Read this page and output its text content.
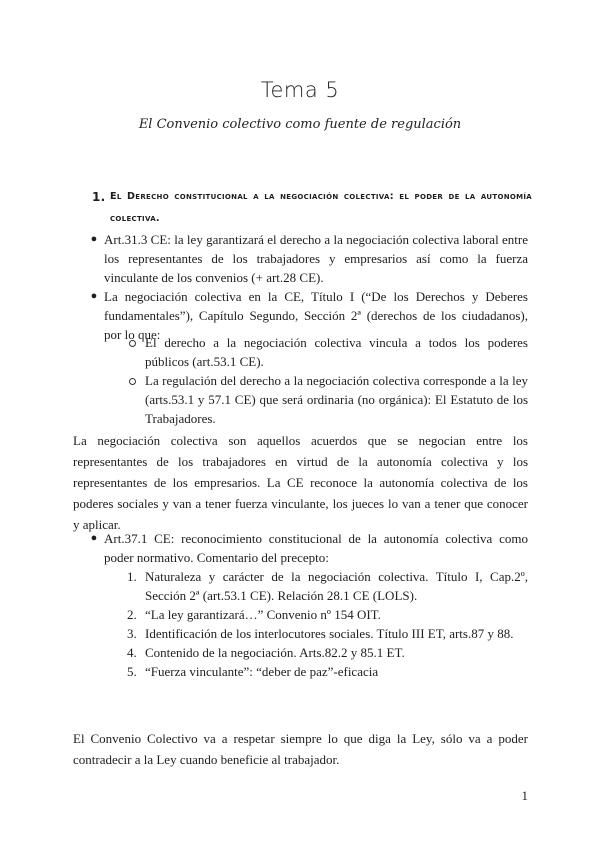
Tema 5
El Convenio colectivo como fuente de regulación
1. El Derecho constitucional a la negociación colectiva: el poder de la autonomía colectiva.

● Art.31.3 CE: la ley garantizará el derecho a la negociación colectiva laboral entre los representantes de los trabajadores y empresarios así como la fuerza vinculante de los convenios (+ art.28 CE).

● La negociación colectiva en la CE, Título I (“De los Derechos y Deberes fundamentales”), Capítulo Segundo, Sección 2ª (derechos de los ciudadanos), por lo que:

El derecho a la negociación colectiva vincula a todos los poderes públicos (art.53.1 CE).

La regulación del derecho a la negociación colectiva corresponde a la ley (arts.53.1 y 57.1 CE) que será ordinaria (no orgánica): El Estatuto de los Trabajadores.

La negociación colectiva son aquellos acuerdos que se negocian entre los representantes de los trabajadores en virtud de la autonomía colectiva y los representantes de los empresarios. La CE reconoce la autonomía colectiva de los poderes sociales y van a tener fuerza vinculante, los jueces lo van a tener que conocer y aplicar.

● Art.37.1 CE: reconocimiento constitucional de la autonomía colectiva como poder normativo. Comentario del precepto:

1. Naturaleza y carácter de la negociación colectiva. Título I, Cap.2º, Sección 2ª (art.53.1 CE). Relación 28.1 CE (LOLS).

2. “La ley garantizará…” Convenio nº 154 OIT.

3. Identificación de los interlocutores sociales. Título III ET, arts.87 y 88.

4. Contenido de la negociación. Arts.82.2 y 85.1 ET.

5. “Fuerza vinculante”: “deber de paz”-eficacia

El Convenio Colectivo va a respetar siempre lo que diga la Ley, sólo va a poder contradecir a la Ley cuando beneficie al trabajador.

1
